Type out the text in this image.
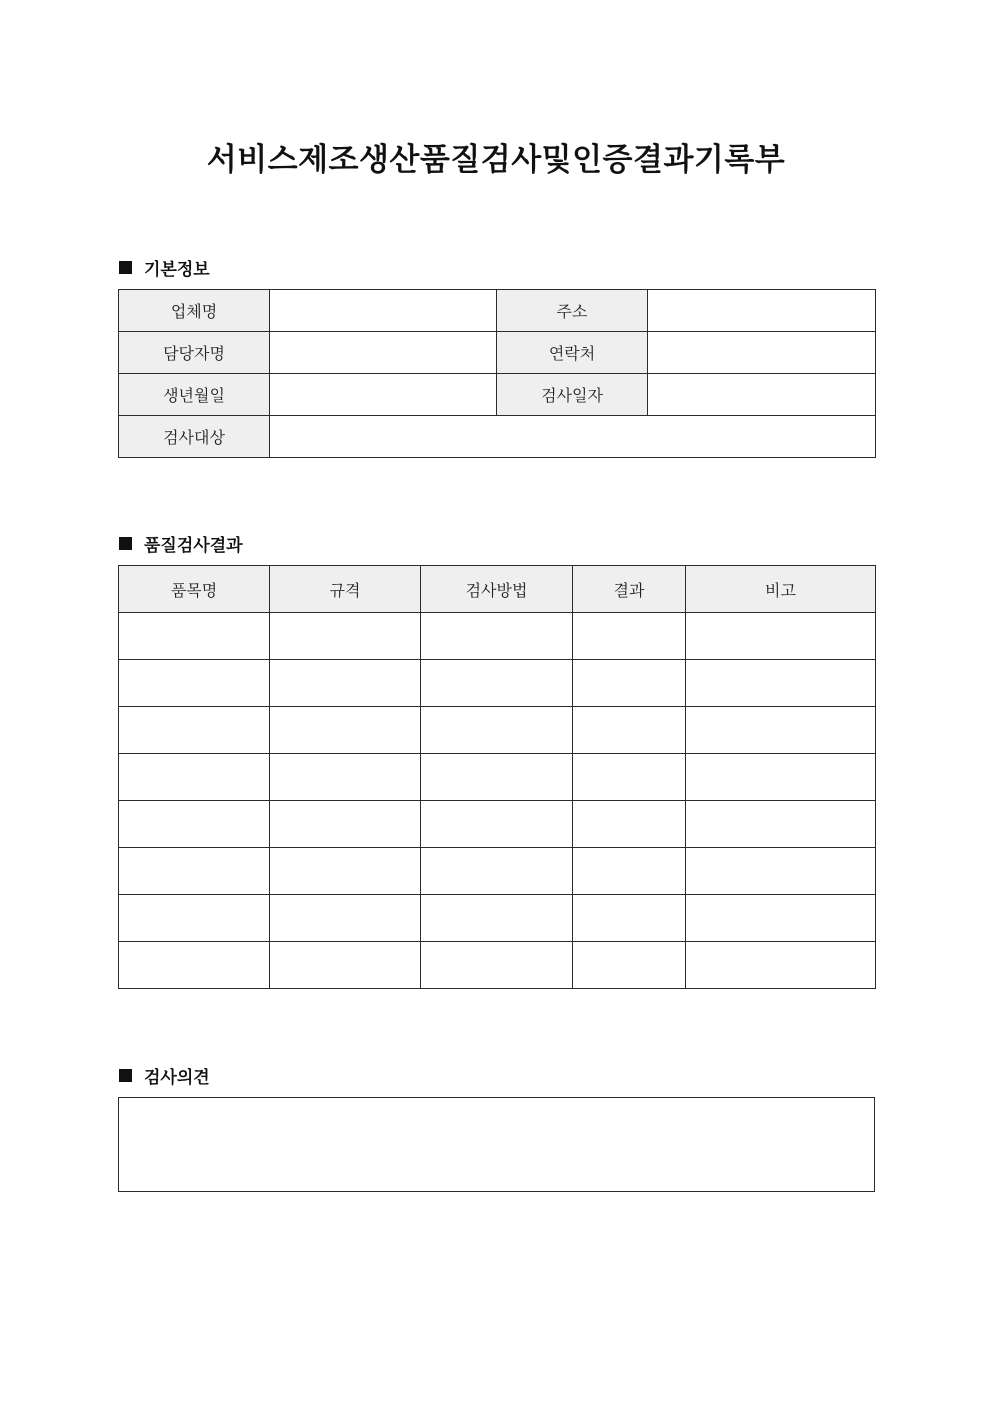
서비스제조생산품질검사및인증결과기록부
기본정보
업체명		주소	
담당자명		연락처	
생년월일		검사일자	
검사대상			
품질검사결과
품목명	규격	검사방법	결과	비고

검사의견
